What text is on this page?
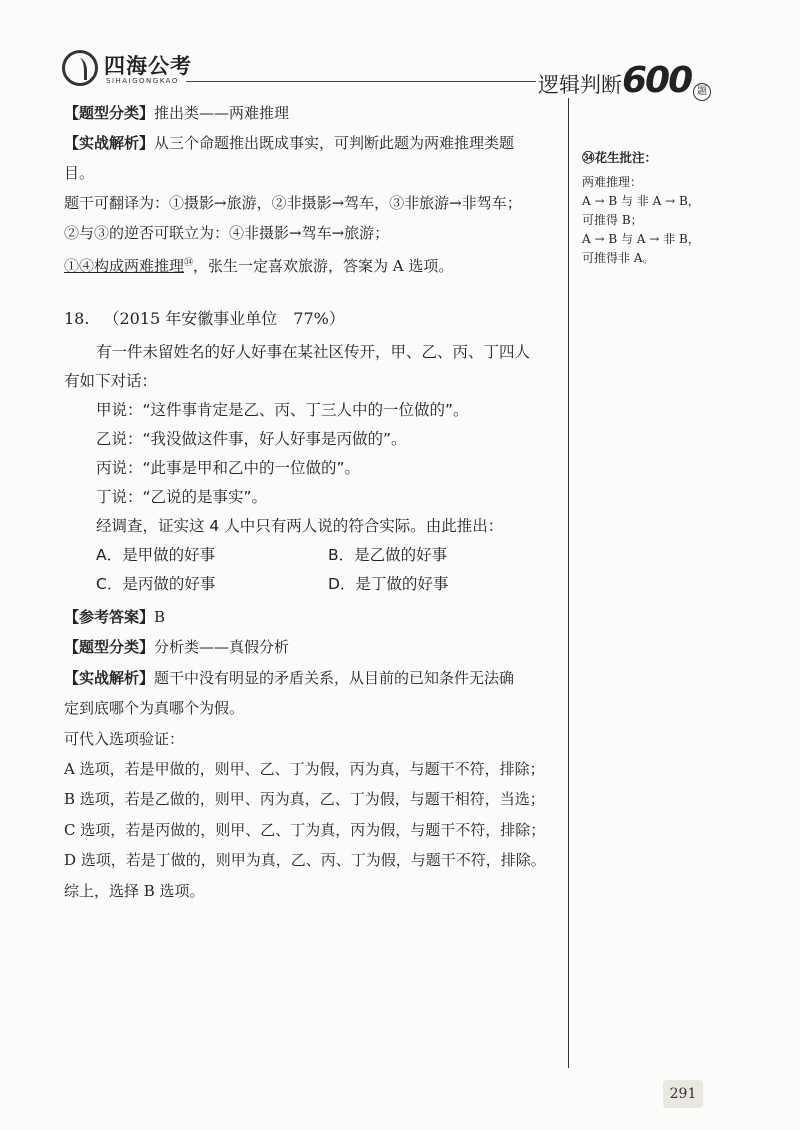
四海公考
SIHAIGONGKAO	逻辑判断600 题

【题型分类】推出类——两难推理

【实战解析】从三个命题推出既成事实，可判断此题为两难推理类题

目。

题干可翻译为：①摄影→旅游，②非摄影→驾车，③非旅游→非驾车；

②与③的逆否可联立为：④非摄影→驾车→旅游；

①④构成两难推理$^㉞$，张生一定喜欢旅游，答案为 A 选项。

18. （2015 年安徽事业单位　77%）

有一件未留姓名的好人好事在某社区传开，甲、乙、丙、丁四人

有如下对话：

甲说：“这件事肯定是乙、丙、丁三人中的一位做的”。

乙说：“我没做这件事，好人好事是丙做的”。

丙说：“此事是甲和乙中的一位做的”。

丁说：“乙说的是事实”。

经调查，证实这 4 人中只有两人说的符合实际。由此推出：

A．是甲做的好事	B．是乙做的好事
C．是丙做的好事	D．是丁做的好事

【参考答案】B

【题型分类】分析类——真假分析

【实战解析】题干中没有明显的矛盾关系，从目前的已知条件无法确

定到底哪个为真哪个为假。

可代入选项验证：

A 选项，若是甲做的，则甲、乙、丁为假，丙为真，与题干不符，排除；

B 选项，若是乙做的，则甲、丙为真，乙、丁为假，与题干相符，当选；

C 选项，若是丙做的，则甲、乙、丁为真，丙为假，与题干不符，排除；

D 选项，若是丁做的，则甲为真，乙、丙、丁为假，与题干不符，排除。

综上，选择 B 选项。

㉞花生批注：

两难推理：

A → B 与 非 A → B，

可推得 B；

A → B 与 A → 非 B，

可推得非 A。

291
